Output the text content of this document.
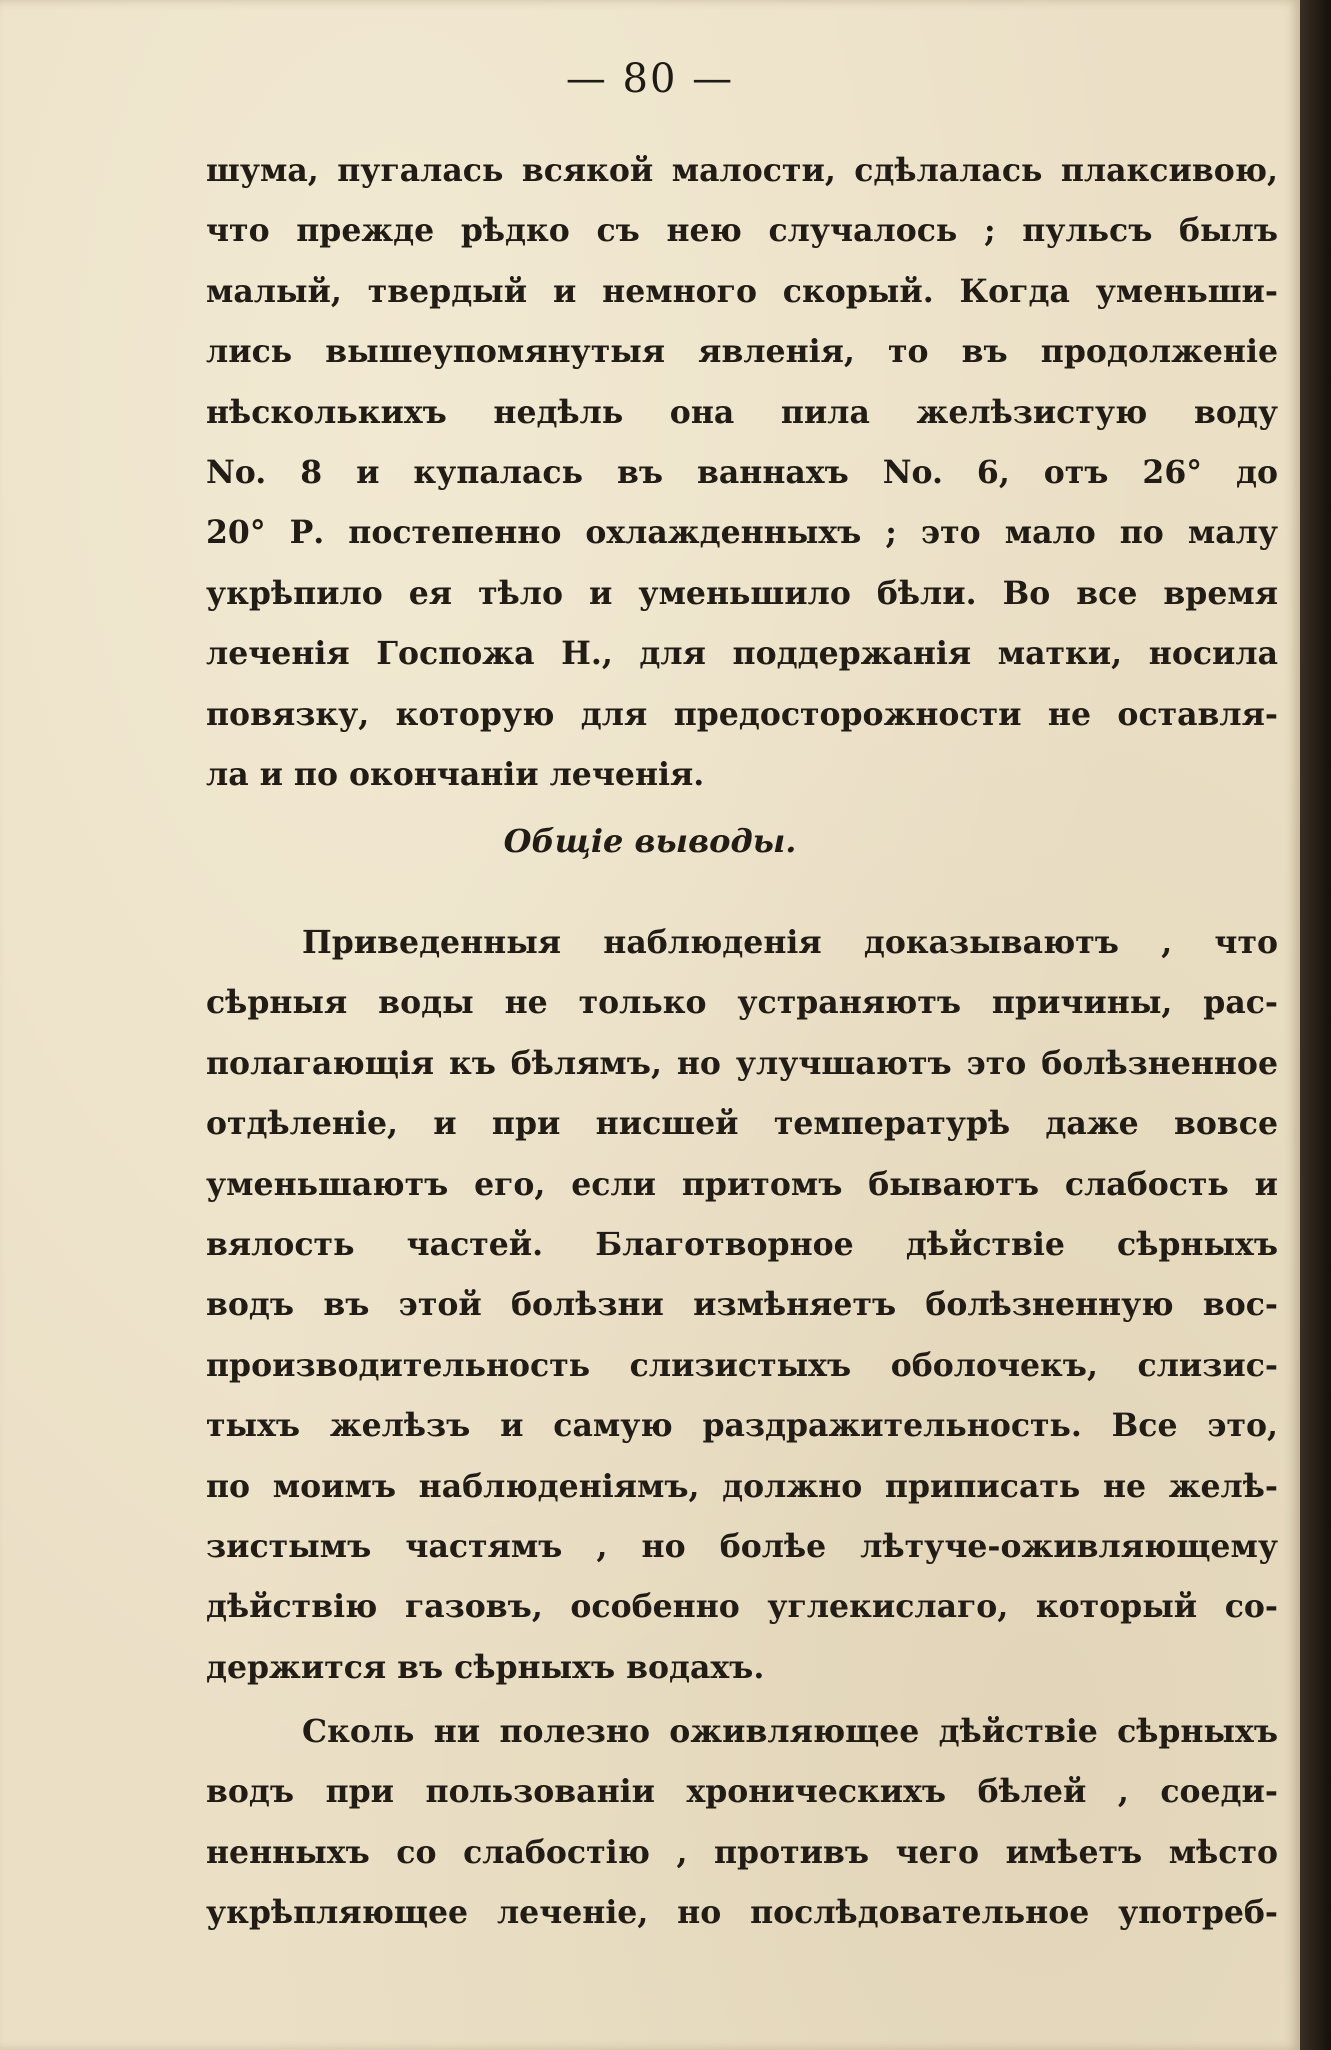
— 80 —
шума, пугалась всякой малости, сдѣлалась плаксивою,
что прежде рѣдко съ нею случалось ; пульсъ былъ
малый, твердый и немного скорый. Когда уменьши-
лись вышеупомянутыя явленія, то въ продолженіе
нѣсколькихъ недѣль она пила желѣзистую воду
No. 8 и купалась въ ваннахъ No. 6, отъ 26° до
20° Р. постепенно охлажденныхъ ; это мало по малу
укрѣпило ея тѣло и уменьшило бѣли. Во все время
леченія Госпожа Н., для поддержанія матки, носила
повязку, которую для предосторожности не оставля-
ла и по окончаніи леченія.
Общіе выводы.
Приведенныя наблюденія доказываютъ , что
сѣрныя воды не только устраняютъ причины, рас-
полагающія къ бѣлямъ, но улучшаютъ это болѣзненное
отдѣленіе, и при нисшей температурѣ даже вовсе
уменьшаютъ его, если притомъ бываютъ слабость и
вялость частей. Благотворное дѣйствіе сѣрныхъ
водъ въ этой болѣзни измѣняетъ болѣзненную вос-
производительность слизистыхъ оболочекъ, слизис-
тыхъ желѣзъ и самую раздражительность. Все это,
по моимъ наблюденіямъ, должно приписать не желѣ-
зистымъ частямъ , но болѣе лѣтуче-оживляющему
дѣйствію газовъ, особенно углекислаго, который со-
держится въ сѣрныхъ водахъ.
Сколь ни полезно оживляющее дѣйствіе сѣрныхъ
водъ при пользованіи хроническихъ бѣлей , соеди-
ненныхъ со слабостію , противъ чего имѣетъ мѣсто
укрѣпляющее леченіе, но послѣдовательное употреб-
